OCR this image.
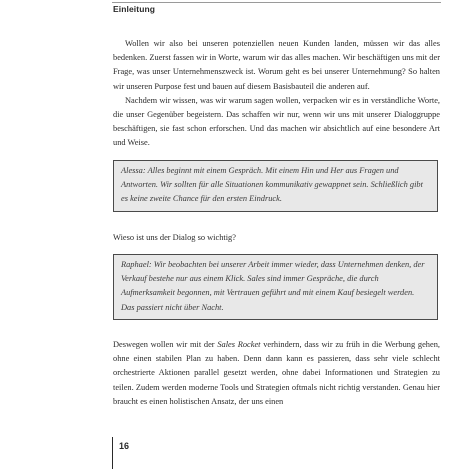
Einleitung

Wollen wir also bei unseren potenziellen neuen Kunden landen, müssen wir das alles bedenken. Zuerst fassen wir in Worte, warum wir das alles machen. Wir beschäftigen uns mit der Frage, was unser Unternehmenszweck ist. Worum geht es bei unserer Unternehmung? So halten wir unseren Purpose fest und bauen auf diesem Basisbauteil die anderen auf.

Nachdem wir wissen, was wir warum sagen wollen, verpacken wir es in verständliche Worte, die unser Gegenüber begeistern. Das schaffen wir nur, wenn wir uns mit unserer Dialoggruppe beschäftigen, sie fast schon erforschen. Und das machen wir absichtlich auf eine besondere Art und Weise.

Alessa: Alles beginnt mit einem Gespräch. Mit einem Hin und Her aus Fragen und Antworten. Wir sollten für alle Situationen kommunikativ gewappnet sein. Schließlich gibt es keine zweite Chance für den ersten Eindruck.

Wieso ist uns der Dialog so wichtig?

Raphael: Wir beobachten bei unserer Arbeit immer wieder, dass Unternehmen denken, der Verkauf bestehe nur aus einem Klick. Sales sind immer Gespräche, die durch Aufmerksamkeit begonnen, mit Vertrauen geführt und mit einem Kauf besiegelt werden. Das passiert nicht über Nacht.

Deswegen wollen wir mit der Sales Rocket verhindern, dass wir zu früh in die Werbung gehen, ohne einen stabilen Plan zu haben. Denn dann kann es passieren, dass sehr viele schlecht orchestrierte Aktionen parallel gesetzt werden, ohne dabei Informationen und Strategien zu teilen. Zudem werden moderne Tools und Strategien oftmals nicht richtig verstanden. Genau hier braucht es einen holistischen Ansatz, der uns einen

16
